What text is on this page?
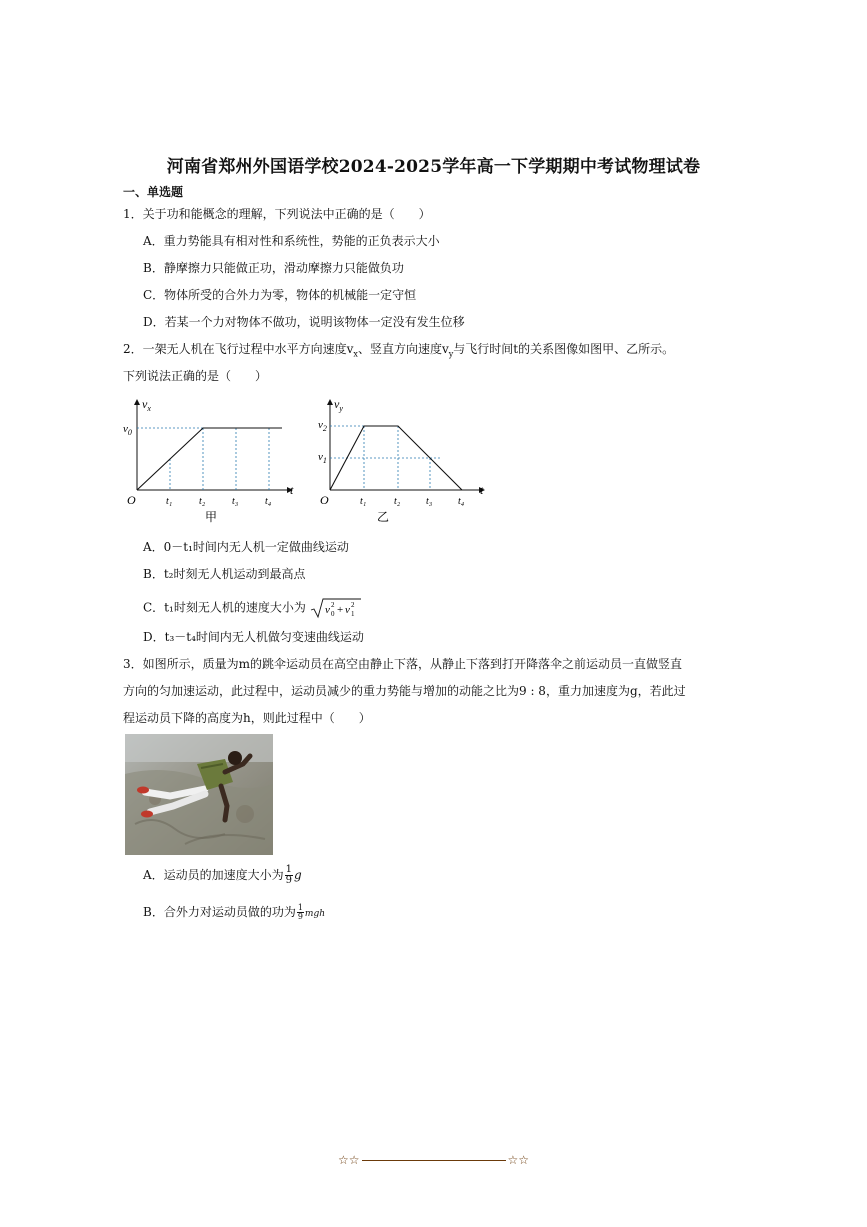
河南省郑州外国语学校2024-2025学年高一下学期期中考试物理试卷
一、单选题
1．关于功和能概念的理解，下列说法中正确的是（　　）
A．重力势能具有相对性和系统性，势能的正负表示大小
B．静摩擦力只能做正功，滑动摩擦力只能做负功
C．物体所受的合外力为零，物体的机械能一定守恒
D．若某一个力对物体不做功，说明该物体一定没有发生位移
2．一架无人机在飞行过程中水平方向速度$v_x$、竖直方向速度$v_y$与飞行时间t的关系图像如图甲、乙所示。
下列说法正确的是（　　）
$v_x$
$v_0$
O	t₁	t₂	t₃	t₄
t
甲
$v_y$
$v_2$
$v_1$
O	t₁	t₂	t₃	t₄
t
乙
A．0－t₁时间内无人机一定做曲线运动
B．t₂时刻无人机运动到最高点
C．t₁时刻无人机的速度大小为 v 0
2 + v 1
2
D．t₃－t₄时间内无人机做匀变速曲线运动
3．如图所示，质量为m的跳伞运动员在高空由静止下落，从静止下落到打开降落伞之前运动员一直做竖直
方向的匀加速运动，此过程中，运动员减少的重力势能与增加的动能之比为9 : 8，重力加速度为g，若此过
程运动员下降的高度为h，则此过程中（　　）
A．运动员的加速度大小为 $\frac{1}{9}$ g
B．合外力对运动员做的功为 $\frac{1}{9}$ mgh
☆☆	☆☆
